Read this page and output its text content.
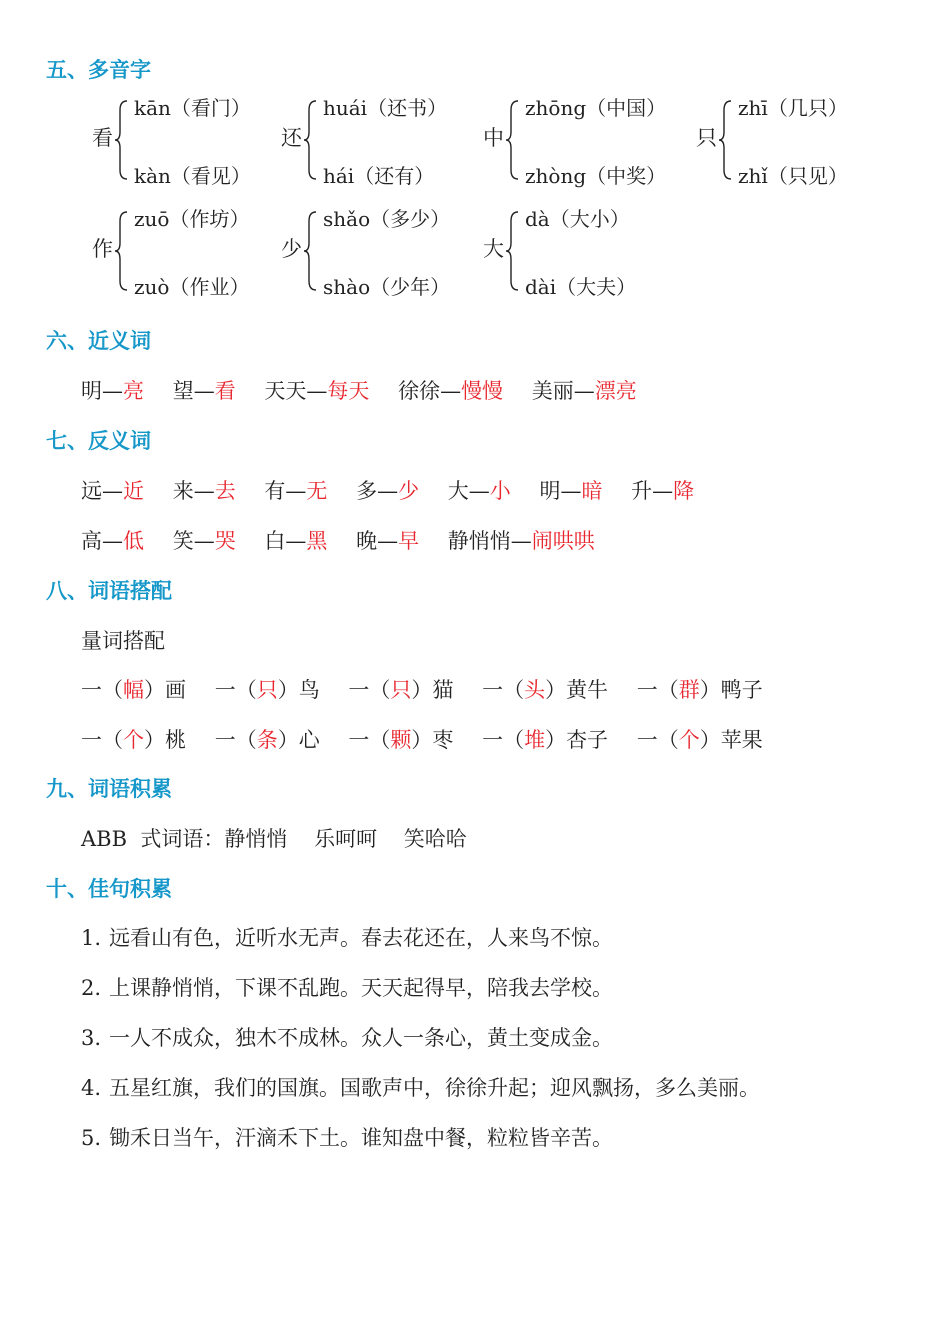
五、多音字
看
kān（看门）
kàn（看见）
还
huái（还书）
hái（还有）
中
zhōng（中国）
zhòng（中奖）
只
zhī（几只）
zhǐ（只见）
作
zuō（作坊）
zuò（作业）
少
shǎo（多少）
shào（少年）
大
dà（大小）
dài（大夫）
六、近义词
明—亮 望—看 天天—每天 徐徐—慢慢 美丽—漂亮
七、反义词
远—近 来—去 有—无 多—少 大—小 明—暗 升—降
高—低 笑—哭 白—黑 晚—早 静悄悄—闹哄哄
八、词语搭配
量词搭配
一（幅）画 一（只）鸟 一（只）猫 一（头）黄牛 一（群）鸭子
一（个）桃 一（条）心 一（颗）枣 一（堆）杏子 一（个）苹果
九、词语积累
ABB  式词语：静悄悄    乐呵呵    笑哈哈
十、佳句积累
1. 远看山有色，近听水无声。春去花还在，人来鸟不惊。
2. 上课静悄悄，下课不乱跑。天天起得早，陪我去学校。
3. 一人不成众，独木不成林。众人一条心，黄土变成金。
4. 五星红旗，我们的国旗。国歌声中，徐徐升起；迎风飘扬，多么美丽。
5. 锄禾日当午，汗滴禾下土。谁知盘中餐，粒粒皆辛苦。
